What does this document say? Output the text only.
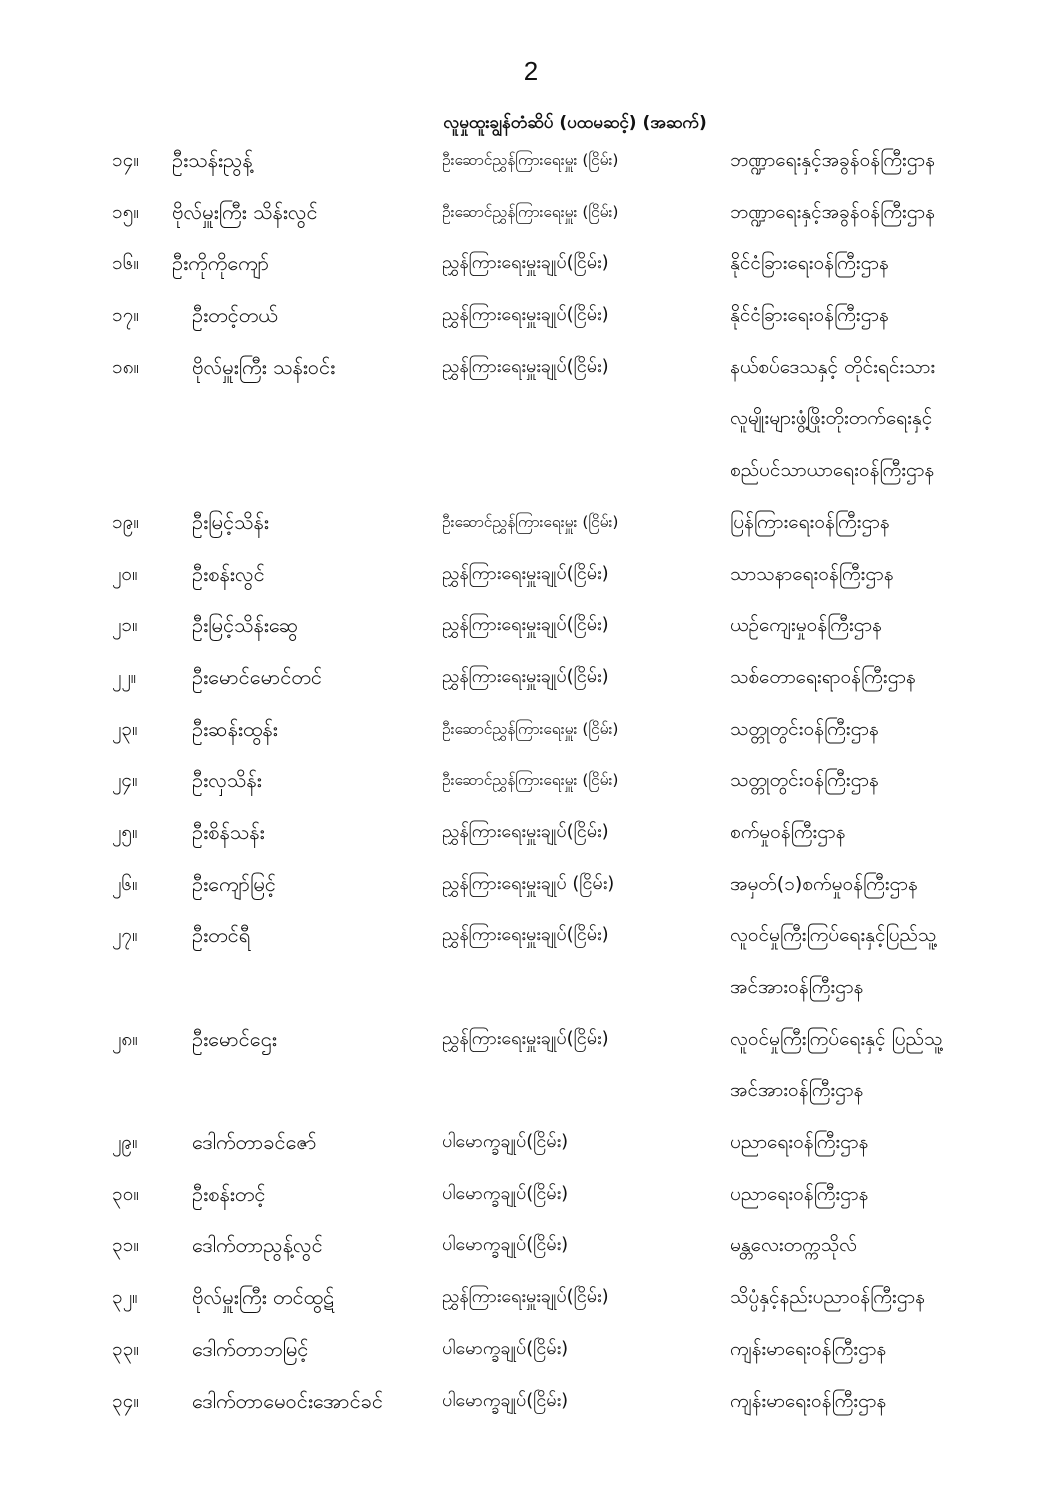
2
လူမှုထူးချွန်တံဆိပ် (ပထမဆင့်) (အဆက်)
၁၄။ ဦးသန်းညွန့်	ဦးဆောင်ညွှန်ကြားရေးမှူး (ငြိမ်း)	ဘဏ္ဍာရေးနှင့်အခွန်ဝန်ကြီးဌာန
၁၅။ ဗိုလ်မှူးကြီး သိန်းလွင်	ဦးဆောင်ညွှန်ကြားရေးမှူး (ငြိမ်း)	ဘဏ္ဍာရေးနှင့်အခွန်ဝန်ကြီးဌာန
၁၆။ ဦးကိုကိုကျော်	ညွှန်ကြားရေးမှူးချုပ်(ငြိမ်း)	နိုင်ငံခြားရေးဝန်ကြီးဌာန
၁၇။	ဦးတင့်တယ်	ညွှန်ကြားရေးမှူးချုပ်(ငြိမ်း)	နိုင်ငံခြားရေးဝန်ကြီးဌာန
၁၈။	ဗိုလ်မှူးကြီး သန်းဝင်း	ညွှန်ကြားရေးမှူးချုပ်(ငြိမ်း)	နယ်စပ်ဒေသနှင့် တိုင်းရင်းသား
လူမျိုးများဖွံ့ဖြိုးတိုးတက်ရေးနှင့်
စည်ပင်သာယာရေးဝန်ကြီးဌာန
၁၉။	ဦးမြင့်သိန်း	ဦးဆောင်ညွှန်ကြားရေးမှူး (ငြိမ်း)	ပြန်ကြားရေးဝန်ကြီးဌာန
၂၀။	ဦးစန်းလွင်	ညွှန်ကြားရေးမှူးချုပ်(ငြိမ်း)	သာသနာရေးဝန်ကြီးဌာန
၂၁။	ဦးမြင့်သိန်းဆွေ	ညွှန်ကြားရေးမှူးချုပ်(ငြိမ်း)	ယဉ်ကျေးမှုဝန်ကြီးဌာန
၂၂။	ဦးမောင်မောင်တင်	ညွှန်ကြားရေးမှူးချုပ်(ငြိမ်း)	သစ်တောရေးရာဝန်ကြီးဌာန
၂၃။	ဦးဆန်းထွန်း	ဦးဆောင်ညွှန်ကြားရေးမှူး (ငြိမ်း)	သတ္တုတွင်းဝန်ကြီးဌာန
၂၄။	ဦးလှသိန်း	ဦးဆောင်ညွှန်ကြားရေးမှူး (ငြိမ်း)	သတ္တုတွင်းဝန်ကြီးဌာန
၂၅။	ဦးစိန်သန်း	ညွှန်ကြားရေးမှူးချုပ်(ငြိမ်း)	စက်မှုဝန်ကြီးဌာန
၂၆။	ဦးကျော်မြင့်	ညွှန်ကြားရေးမှူးချုပ် (ငြိမ်း)	အမှတ်(၁)စက်မှုဝန်ကြီးဌာန
၂၇။	ဦးတင်ရီ	ညွှန်ကြားရေးမှူးချုပ်(ငြိမ်း)	လူဝင်မှုကြီးကြပ်ရေးနှင့်ပြည်သူ့
အင်အားဝန်ကြီးဌာန
၂၈။	ဦးမောင်ဌေး	ညွှန်ကြားရေးမှူးချုပ်(ငြိမ်း)	လူဝင်မှုကြီးကြပ်ရေးနှင့် ပြည်သူ့
အင်အားဝန်ကြီးဌာန
၂၉။	ဒေါက်တာခင်ဇော်	ပါမောက္ခချုပ်(ငြိမ်း)	ပညာရေးဝန်ကြီးဌာန
၃၀။	ဦးစန်းတင့်	ပါမောက္ခချုပ်(ငြိမ်း)	ပညာရေးဝန်ကြီးဌာန
၃၁။	ဒေါက်တာညွန့်လွင်	ပါမောက္ခချုပ်(ငြိမ်း)	မန္တလေးတက္ကသိုလ်
၃၂။	ဗိုလ်မှူးကြီး တင်ထွဋ်	ညွှန်ကြားရေးမှူးချုပ်(ငြိမ်း)	သိပ္ပံနှင့်နည်းပညာဝန်ကြီးဌာန
၃၃။	ဒေါက်တာဘမြင့်	ပါမောက္ခချုပ်(ငြိမ်း)	ကျန်းမာရေးဝန်ကြီးဌာန
၃၄။	ဒေါက်တာမေဝင်းအောင်ခင်	ပါမောက္ခချုပ်(ငြိမ်း)	ကျန်းမာရေးဝန်ကြီးဌာန
